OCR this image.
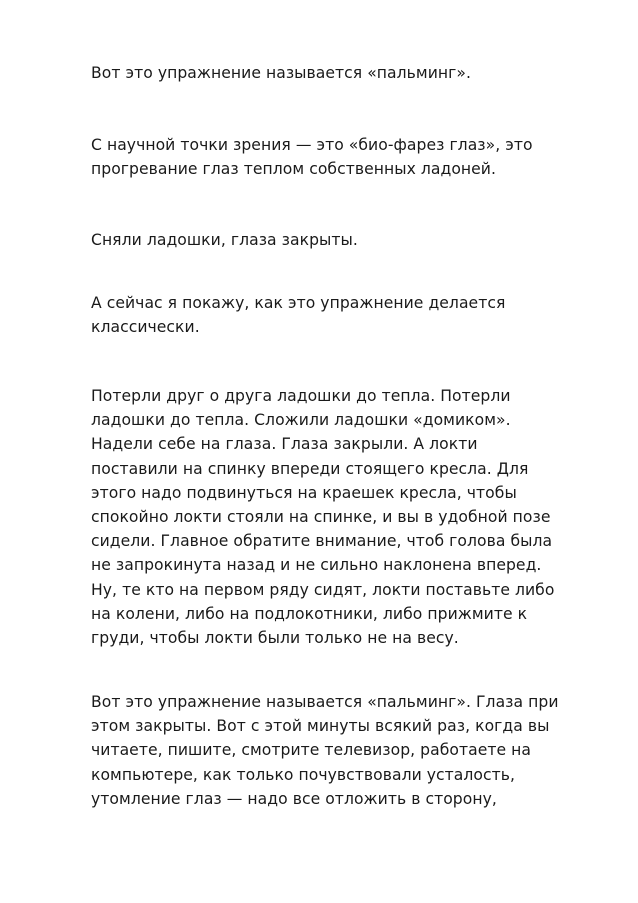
Вот это упражнение называется «пальминг».

С научной точки зрения — это «био-фарез глаз», это
прогревание глаз теплом собственных ладоней.

Сняли ладошки, глаза закрыты.

А сейчас я покажу, как это упражнение делается
классически.

Потерли друг о друга ладошки до тепла. Потерли
ладошки до тепла. Сложили ладошки «домиком».
Надели себе на глаза. Глаза закрыли. А локти
поставили на спинку впереди стоящего кресла. Для
этого надо подвинуться на краешек кресла, чтобы
спокойно локти стояли на спинке, и вы в удобной позе
сидели. Главное обратите внимание, чтоб голова была
не запрокинута назад и не сильно наклонена вперед.
Ну, те кто на первом ряду сидят, локти поставьте либо
на колени, либо на подлокотники, либо прижмите к
груди, чтобы локти были только не на весу.

Вот это упражнение называется «пальминг». Глаза при
этом закрыты. Вот с этой минуты всякий раз, когда вы
читаете, пишите, смотрите телевизор, работаете на
компьютере, как только почувствовали усталость,
утомление глаз — надо все отложить в сторону,
